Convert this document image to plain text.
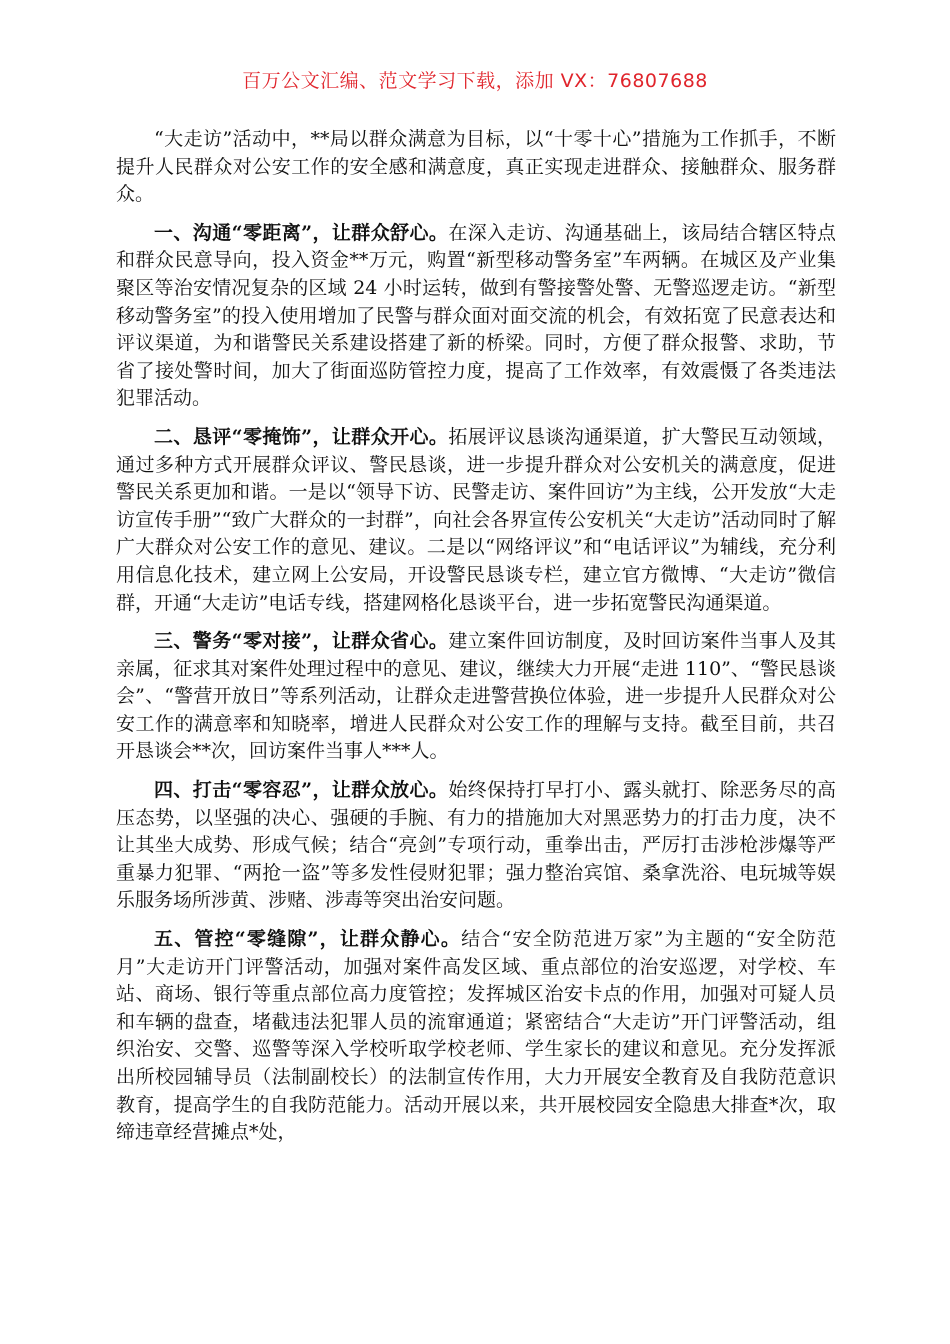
百万公文汇编、范文学习下载，添加 VX：76807688

“大走访”活动中，**局以群众满意为目标，以“十零十心”措施为工作抓手，不断提升人民群众对公安工作的安全感和满意度，真正实现走进群众、接触群众、服务群众。

一、沟通“零距离”，让群众舒心。在深入走访、沟通基础上，该局结合辖区特点和群众民意导向，投入资金**万元，购置“新型移动警务室”车两辆。在城区及产业集聚区等治安情况复杂的区域 24 小时运转，做到有警接警处警、无警巡逻走访。“新型移动警务室”的投入使用增加了民警与群众面对面交流的机会，有效拓宽了民意表达和评议渠道，为和谐警民关系建设搭建了新的桥梁。同时，方便了群众报警、求助，节省了接处警时间，加大了街面巡防管控力度，提高了工作效率，有效震慑了各类违法犯罪活动。

二、恳评“零掩饰”，让群众开心。拓展评议恳谈沟通渠道，扩大警民互动领域，通过多种方式开展群众评议、警民恳谈，进一步提升群众对公安机关的满意度，促进警民关系更加和谐。一是以“领导下访、民警走访、案件回访”为主线，公开发放“大走访宣传手册”“致广大群众的一封群”，向社会各界宣传公安机关“大走访”活动同时了解广大群众对公安工作的意见、建议。二是以“网络评议”和“电话评议”为辅线，充分利用信息化技术，建立网上公安局，开设警民恳谈专栏，建立官方微博、“大走访”微信群，开通“大走访”电话专线，搭建网格化恳谈平台，进一步拓宽警民沟通渠道。

三、警务“零对接”，让群众省心。建立案件回访制度，及时回访案件当事人及其亲属，征求其对案件处理过程中的意见、建议，继续大力开展“走进 110”、“警民恳谈会”、“警营开放日”等系列活动，让群众走进警营换位体验，进一步提升人民群众对公安工作的满意率和知晓率，增进人民群众对公安工作的理解与支持。截至目前，共召开恳谈会**次，回访案件当事人***人。

四、打击“零容忍”，让群众放心。始终保持打早打小、露头就打、除恶务尽的高压态势，以坚强的决心、强硬的手腕、有力的措施加大对黑恶势力的打击力度，决不让其坐大成势、形成气候；结合“亮剑”专项行动，重拳出击，严厉打击涉枪涉爆等严重暴力犯罪、“两抢一盗”等多发性侵财犯罪；强力整治宾馆、桑拿洗浴、电玩城等娱乐服务场所涉黄、涉赌、涉毒等突出治安问题。

五、管控“零缝隙”，让群众静心。结合“安全防范进万家”为主题的“安全防范月”大走访开门评警活动，加强对案件高发区域、重点部位的治安巡逻，对学校、车站、商场、银行等重点部位高力度管控；发挥城区治安卡点的作用，加强对可疑人员和车辆的盘查，堵截违法犯罪人员的流窜通道；紧密结合“大走访”开门评警活动，组织治安、交警、巡警等深入学校听取学校老师、学生家长的建议和意见。充分发挥派出所校园辅导员（法制副校长）的法制宣传作用，大力开展安全教育及自我防范意识教育，提高学生的自我防范能力。活动开展以来，共开展校园安全隐患大排查*次，取缔违章经营摊点*处，
